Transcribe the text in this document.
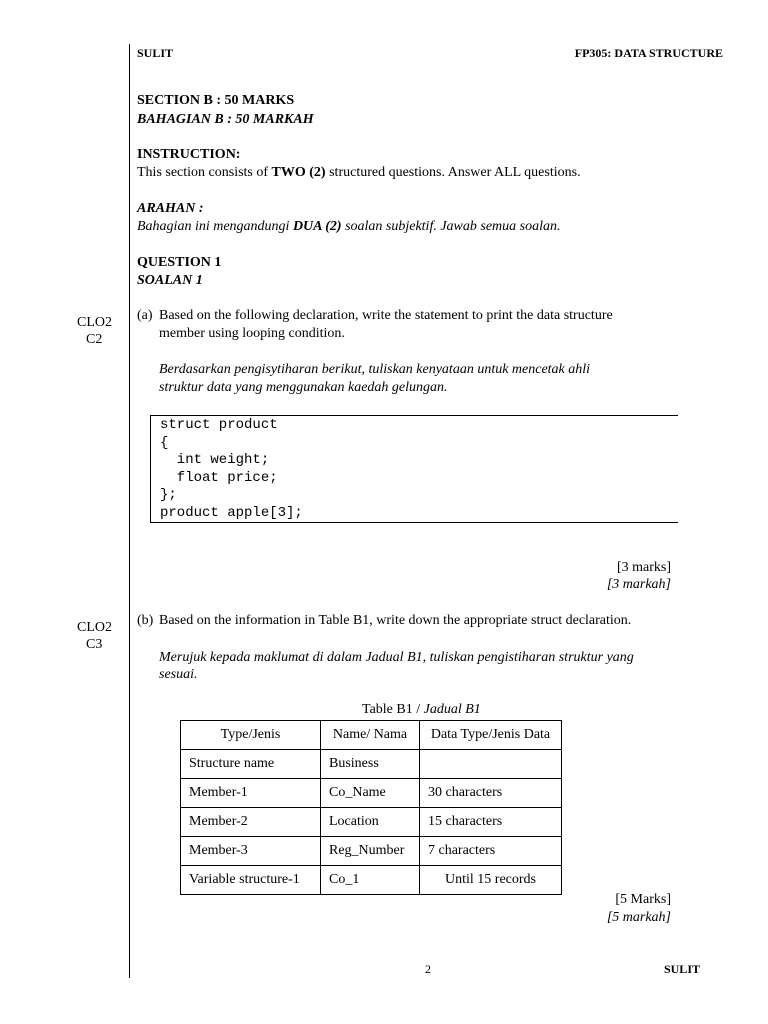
SULIT	FP305: DATA STRUCTURE
SECTION B : 50 MARKS
BAHAGIAN B : 50 MARKAH
INSTRUCTION:
This section consists of TWO (2) structured questions. Answer ALL questions.
ARAHAN :
Bahagian ini mengandungi DUA (2) soalan subjektif. Jawab semua soalan.
QUESTION 1
SOALAN 1
CLO2
C2
(a) Based on the following declaration, write the statement to print the data structure
member using looping condition.
Berdasarkan pengisytiharan berikut, tuliskan kenyataan untuk mencetak ahli
struktur data yang menggunakan kaedah gelungan.
struct product
{
int weight;
float price;
};
product apple[3];
[3 marks]
[3 markah]
CLO2
C3
(b) Based on the information in Table B1, write down the appropriate struct declaration.
Merujuk kepada maklumat di dalam Jadual B1, tuliskan pengistiharan struktur yang
sesuai.
Table B1 / Jadual B1
Type/Jenis	Name/ Nama	Data Type/Jenis Data
Structure name	Business	
Member-1	Co_Name	30 characters
Member-2	Location	15 characters
Member-3	Reg_Number	7 characters
Variable structure-1	Co_1	Until 15 records
[5 Marks]
[5 markah]
2	SULIT
